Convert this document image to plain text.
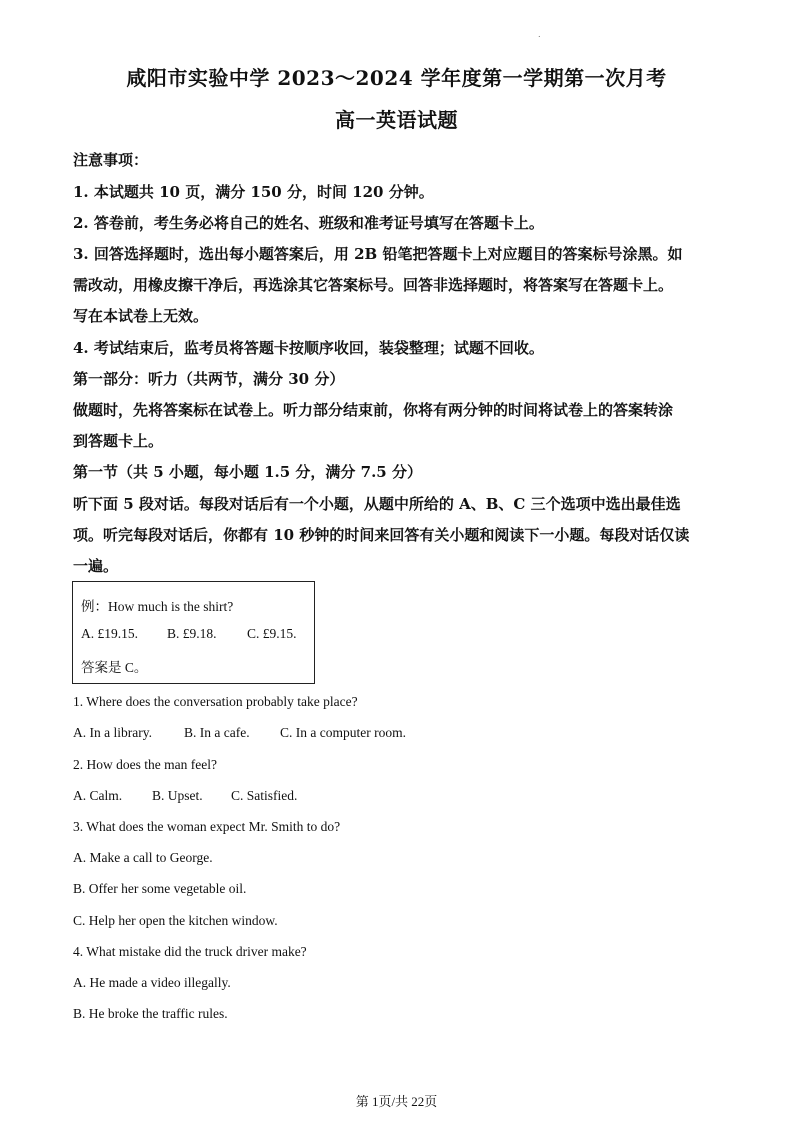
.
咸阳市实验中学 2023～2024 学年度第一学期第一次月考
高一英语试题
注意事项：
1. 本试题共 10 页，满分 150 分，时间 120 分钟。
2. 答卷前，考生务必将自己的姓名、班级和准考证号填写在答题卡上。
3. 回答选择题时，选出每小题答案后，用 2B 铅笔把答题卡上对应题目的答案标号涂黑。如
需改动，用橡皮擦干净后，再选涂其它答案标号。回答非选择题时，将答案写在答题卡上。
写在本试卷上无效。
4. 考试结束后，监考员将答题卡按顺序收回，装袋整理；试题不回收。
第一部分：听力（共两节，满分 30 分）
做题时，先将答案标在试卷上。听力部分结束前，你将有两分钟的时间将试卷上的答案转涂
到答题卡上。
第一节（共 5 小题，每小题 1.5 分，满分 7.5 分）
听下面 5 段对话。每段对话后有一个小题，从题中所给的 A、B、C 三个选项中选出最佳选
项。听完每段对话后，你都有 10 秒钟的时间来回答有关小题和阅读下一小题。每段对话仅读
一遍。
例：How much is the shirt?
A. £19.15. B. £9.18. C. £9.15.
答案是 C。
1. Where does the conversation probably take place?
A. In a library. B. In a cafe. C. In a computer room.
2. How does the man feel?
A. Calm. B. Upset. C. Satisfied.
3. What does the woman expect Mr. Smith to do?
A. Make a call to George.
B. Offer her some vegetable oil.
C. Help her open the kitchen window.
4. What mistake did the truck driver make?
A. He made a video illegally.
B. He broke the traffic rules.
第 1页/共 22页
